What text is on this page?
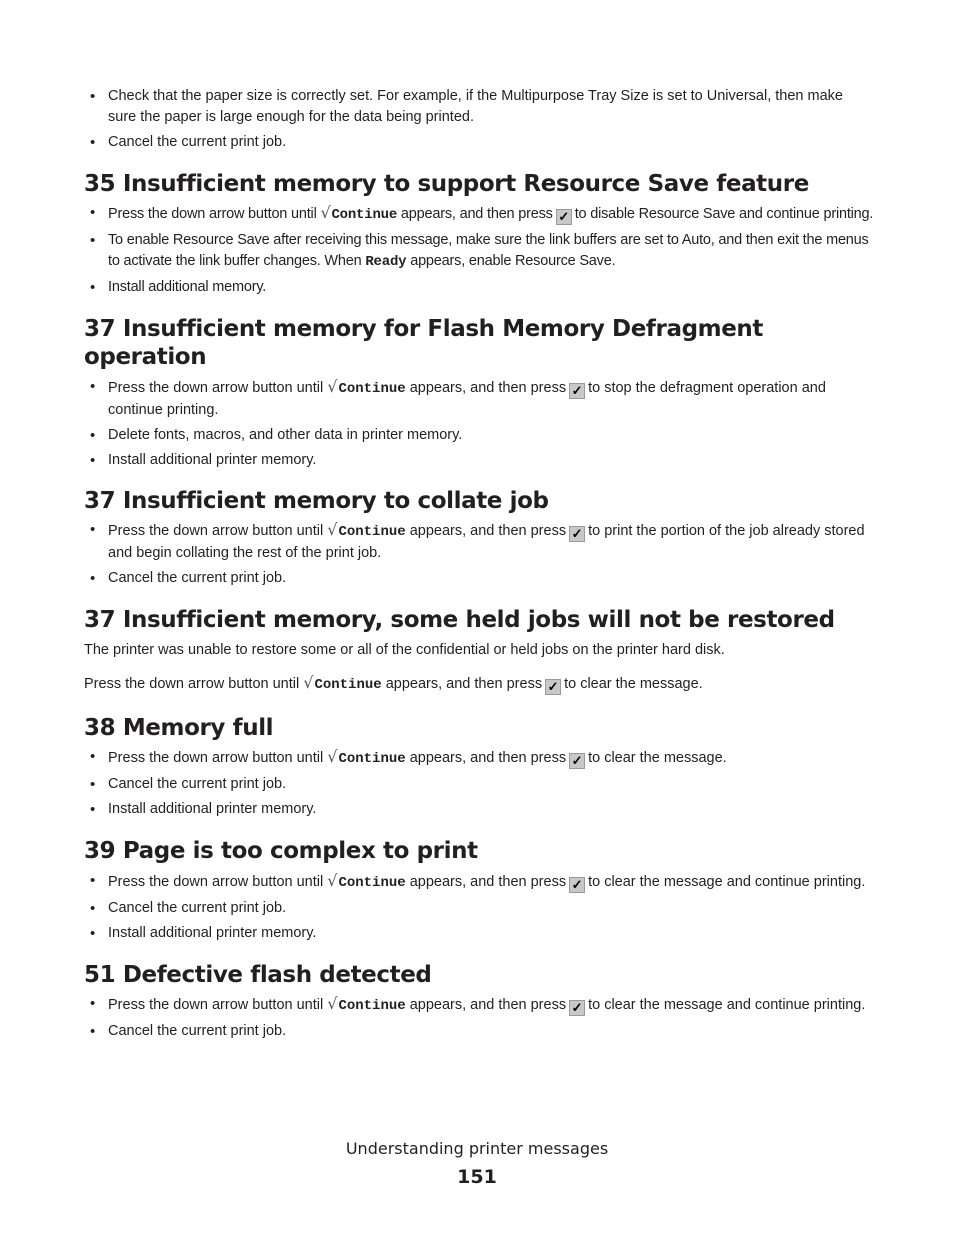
• Check that the paper size is correctly set. For example, if the Multipurpose Tray Size is set to Universal, then make sure the paper is large enough for the data being printed.
• Cancel the current print job.
35 Insufficient memory to support Resource Save feature
• Press the down arrow button until √Continue appears, and then press ✓ to disable Resource Save and continue printing.
• To enable Resource Save after receiving this message, make sure the link buffers are set to Auto, and then exit the menus to activate the link buffer changes. When Ready appears, enable Resource Save.
• Install additional memory.
37 Insufficient memory for Flash Memory Defragment operation
• Press the down arrow button until √Continue appears, and then press ✓ to stop the defragment operation and continue printing.
• Delete fonts, macros, and other data in printer memory.
• Install additional printer memory.
37 Insufficient memory to collate job
• Press the down arrow button until √Continue appears, and then press ✓ to print the portion of the job already stored and begin collating the rest of the print job.
• Cancel the current print job.
37 Insufficient memory, some held jobs will not be restored

The printer was unable to restore some or all of the confidential or held jobs on the printer hard disk.

Press the down arrow button until √Continue appears, and then press ✓ to clear the message.

38 Memory full
• Press the down arrow button until √Continue appears, and then press ✓ to clear the message.
• Cancel the current print job.
• Install additional printer memory.
39 Page is too complex to print
• Press the down arrow button until √Continue appears, and then press ✓ to clear the message and continue printing.
• Cancel the current print job.
• Install additional printer memory.
51 Defective flash detected
• Press the down arrow button until √Continue appears, and then press ✓ to clear the message and continue printing.
• Cancel the current print job.
Understanding printer messages
151
